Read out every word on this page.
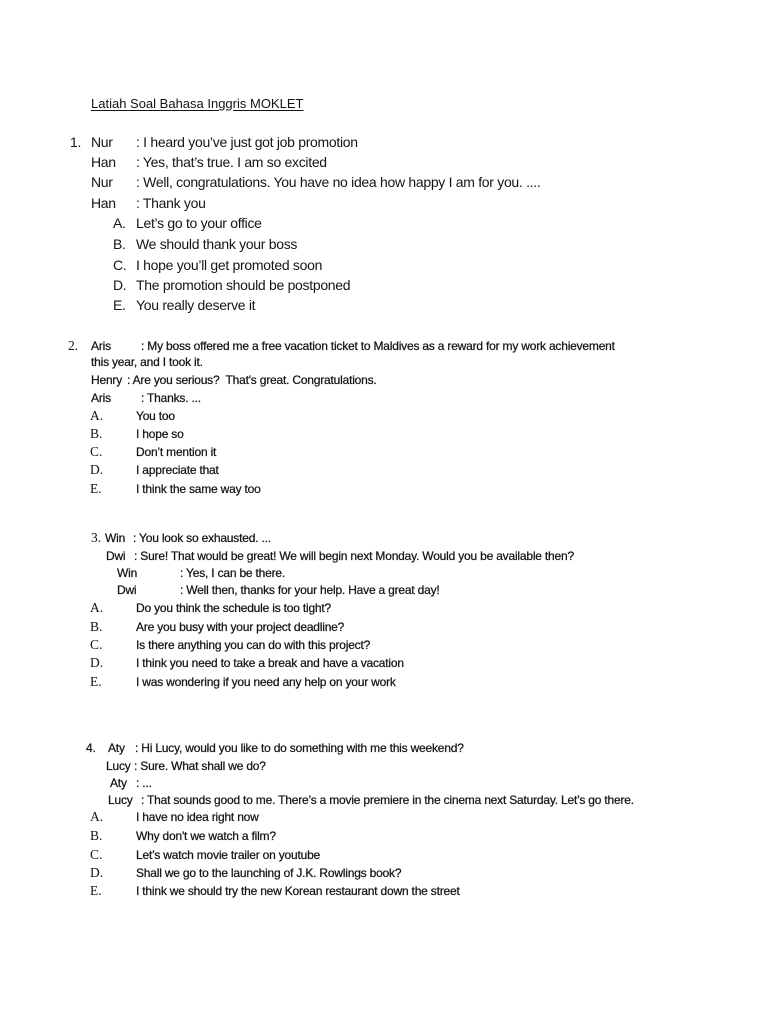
Latiah Soal Bahasa Inggris MOKLET
1. Nur : I heard you’ve just got job promotion
Han : Yes, that’s true. I am so excited
Nur : Well, congratulations. You have no idea how happy I am for you. ....
Han : Thank you
A. Let’s go to your office
B. We should thank your boss
C. I hope you’ll get promoted soon
D. The promotion should be postponed
E. You really deserve it
2. Aris	: My boss offered me a free vacation ticket to Maldives as a reward for my work achievement
this year, and I took it.
Henry : Are you serious?  That's great. Congratulations.
Aris	: Thanks. ...
A.	You too
B.	I hope so
C.	Don’t mention it
D.	I appreciate that
E.	I think the same way too
3. Win : You look so exhausted. ...
Dwi : Sure! That would be great! We will begin next Monday. Would you be available then?
Win	: Yes, I can be there.
Dwi	: Well then, thanks for your help. Have a great day!
A.	Do you think the schedule is too tight?
B.	Are you busy with your project deadline?
C.	Is there anything you can do with this project?
D.	I think you need to take a break and have a vacation
E.	I was wondering if you need any help on your work
4. Aty : Hi Lucy, would you like to do something with me this weekend?
Lucy : Sure. What shall we do?
Aty : ...
Lucy : That sounds good to me. There’s a movie premiere in the cinema next Saturday. Let’s go there.
A.	I have no idea right now
B.	Why don't we watch a film?
C.	Let’s watch movie trailer on youtube
D.	Shall we go to the launching of J.K. Rowlings book?
E.	I think we should try the new Korean restaurant down the street
